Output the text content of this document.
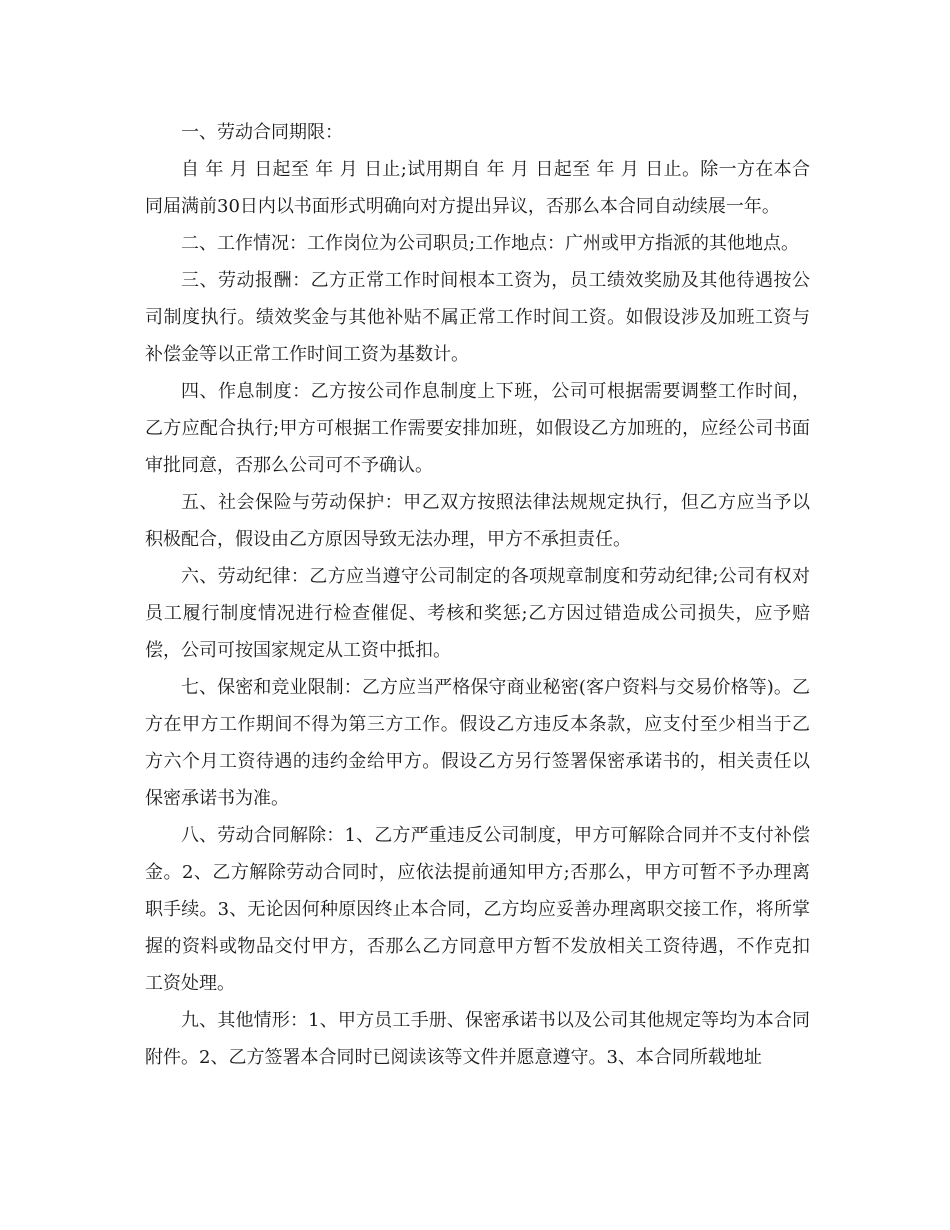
一、劳动合同期限：

自 年 月 日起至 年 月 日止;试用期自 年 月 日起至 年 月 日止。除一方在本合同届满前30日内以书面形式明确向对方提出异议，否那么本合同自动续展一年。

二、工作情况：工作岗位为公司职员;工作地点：广州或甲方指派的其他地点。

三、劳动报酬：乙方正常工作时间根本工资为，员工绩效奖励及其他待遇按公司制度执行。绩效奖金与其他补贴不属正常工作时间工资。如假设涉及加班工资与补偿金等以正常工作时间工资为基数计。

四、作息制度：乙方按公司作息制度上下班，公司可根据需要调整工作时间，乙方应配合执行;甲方可根据工作需要安排加班，如假设乙方加班的，应经公司书面审批同意，否那么公司可不予确认。

五、社会保险与劳动保护：甲乙双方按照法律法规规定执行，但乙方应当予以积极配合，假设由乙方原因导致无法办理，甲方不承担责任。

六、劳动纪律：乙方应当遵守公司制定的各项规章制度和劳动纪律;公司有权对员工履行制度情况进行检查催促、考核和奖惩;乙方因过错造成公司损失，应予赔偿，公司可按国家规定从工资中抵扣。

七、保密和竞业限制：乙方应当严格保守商业秘密(客户资料与交易价格等)。乙方在甲方工作期间不得为第三方工作。假设乙方违反本条款，应支付至少相当于乙方六个月工资待遇的违约金给甲方。假设乙方另行签署保密承诺书的，相关责任以保密承诺书为准。

八、劳动合同解除：1、乙方严重违反公司制度，甲方可解除合同并不支付补偿金。2、乙方解除劳动合同时，应依法提前通知甲方;否那么，甲方可暂不予办理离职手续。3、无论因何种原因终止本合同，乙方均应妥善办理离职交接工作，将所掌握的资料或物品交付甲方，否那么乙方同意甲方暂不发放相关工资待遇，不作克扣工资处理。

九、其他情形：1、甲方员工手册、保密承诺书以及公司其他规定等均为本合同附件。2、乙方签署本合同时已阅读该等文件并愿意遵守。3、本合同所载地址
